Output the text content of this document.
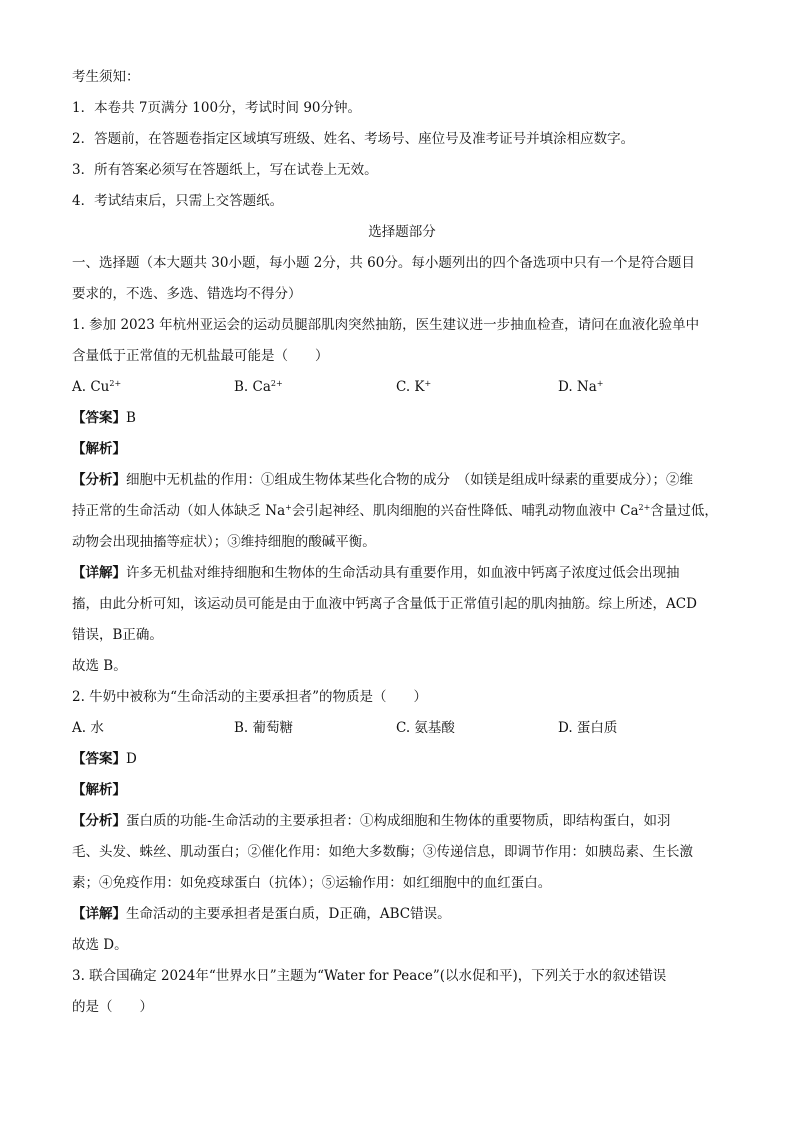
考生须知：
1．本卷共 7页满分 100分，考试时间 90分钟。
2．答题前，在答题卷指定区域填写班级、姓名、考场号、座位号及准考证号并填涂相应数字。
3．所有答案必须写在答题纸上，写在试卷上无效。
4．考试结束后，只需上交答题纸。
选择题部分
一、选择题（本大题共 30小题，每小题 2分，共 60分。每小题列出的四个备选项中只有一个是符合题目
要求的，不选、多选、错选均不得分）
1. 参加 2023 年杭州亚运会的运动员腿部肌肉突然抽筋，医生建议进一步抽血检查，请问在血液化验单中
含量低于正常值的无机盐最可能是（　　）
A. $Cu^{2+}$	B. $Ca^{2+}$	C. K+	D. Na+
【答案】B
【解析】
【分析】细胞中无机盐的作用：①组成生物体某些化合物的成分　（如镁是组成叶绿素的重要成分）；②维
持正常的生命活动（如人体缺乏 Na+会引起神经、肌肉细胞的兴奋性降低、哺乳动物血液中 $Ca^{2+}$含量过低，
动物会出现抽搐等症状）；③维持细胞的酸碱平衡。
【详解】许多无机盐对维持细胞和生物体的生命活动具有重要作用，如血液中钙离子浓度过低会出现抽
搐，由此分析可知，该运动员可能是由于血液中钙离子含量低于正常值引起的肌肉抽筋。综上所述，ACD
错误，B正确。
故选 B。
2. 牛奶中被称为“生命活动的主要承担者”的物质是（　　）
A. 水	B. 葡萄糖	C. 氨基酸	D. 蛋白质
【答案】D
【解析】
【分析】蛋白质的功能-生命活动的主要承担者：①构成细胞和生物体的重要物质，即结构蛋白，如羽
毛、头发、蛛丝、肌动蛋白；②催化作用：如绝大多数酶；③传递信息，即调节作用：如胰岛素、生长激
素；④免疫作用：如免疫球蛋白（抗体）；⑤运输作用：如红细胞中的血红蛋白。
【详解】生命活动的主要承担者是蛋白质，D正确，ABC错误。
故选 D。
3. 联合国确定 2024年“世界水日”主题为“Water for Peace”(以水促和平)，下列关于水的叙述错误
的是（　　）
